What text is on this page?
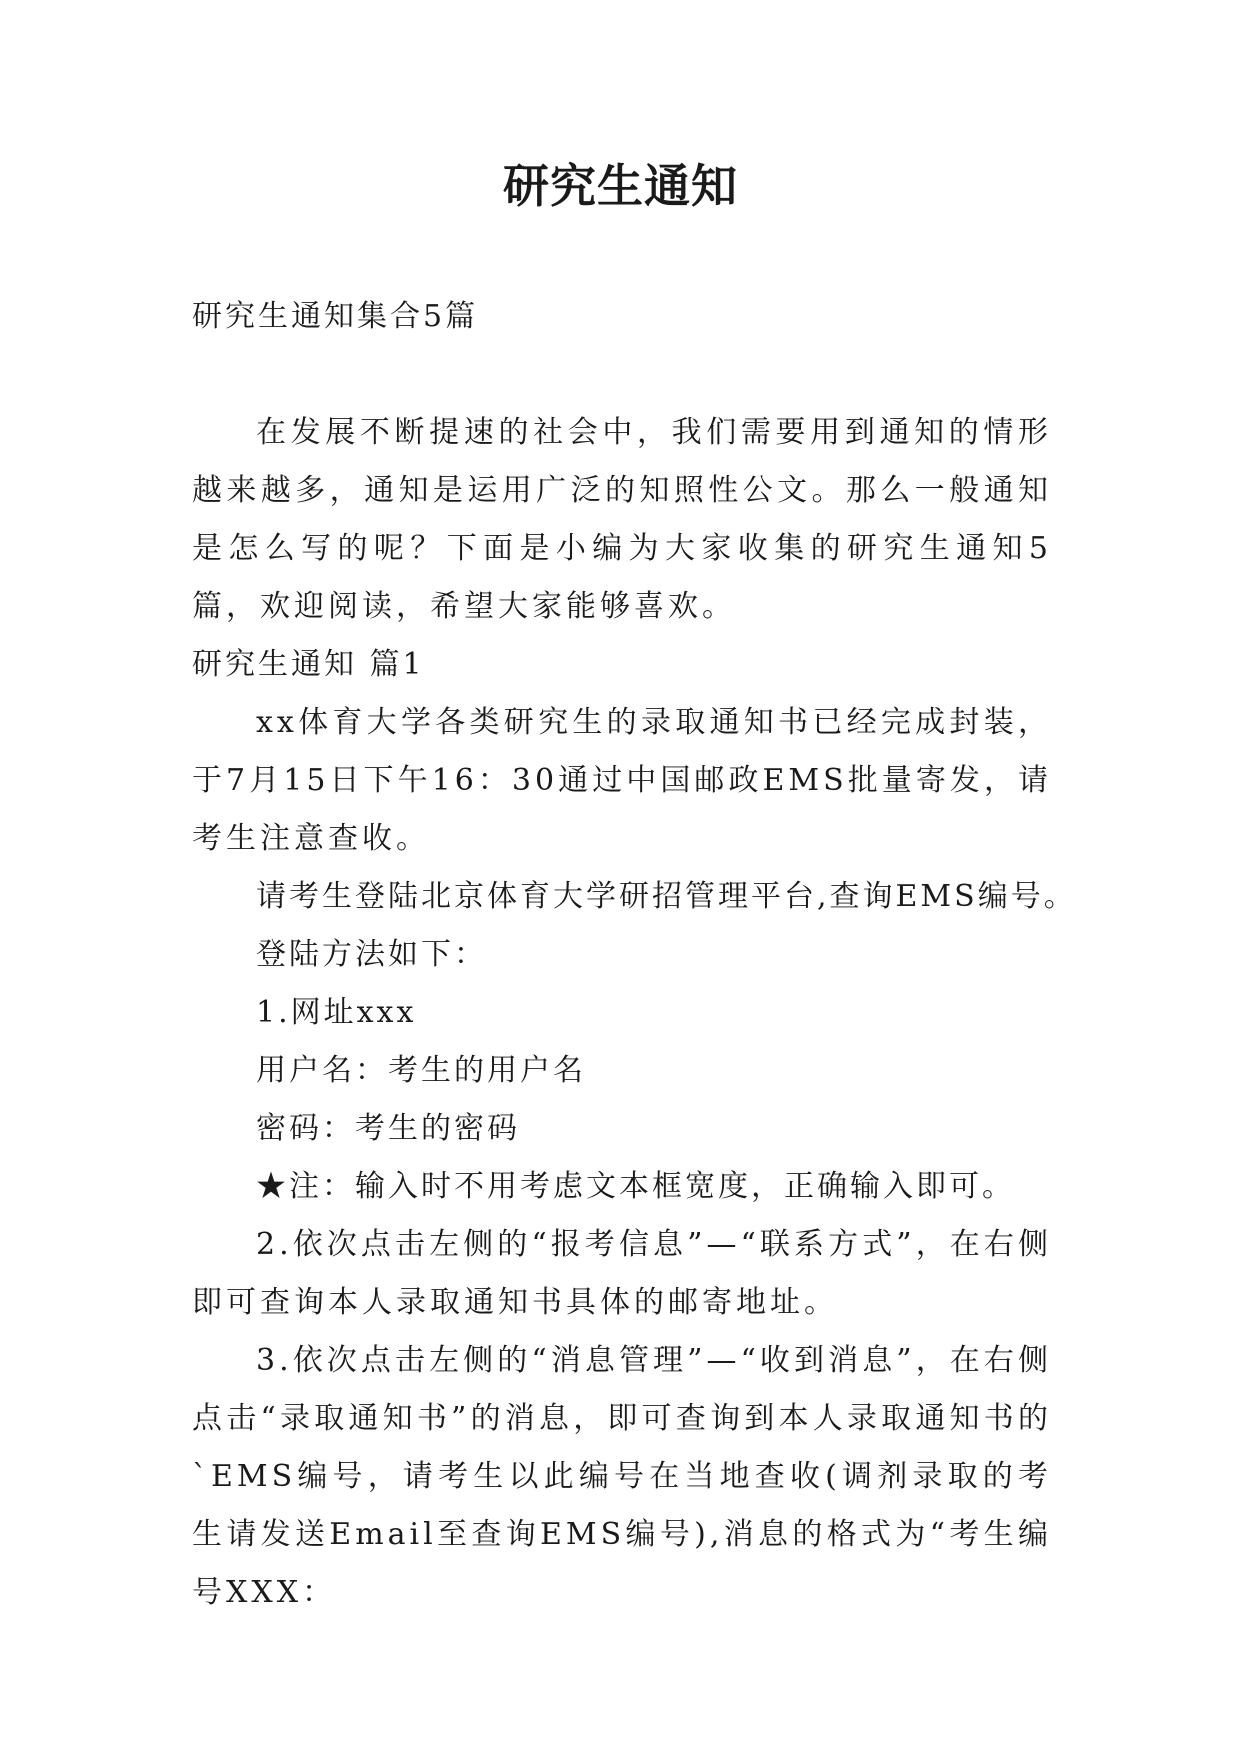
研究生通知

研究生通知集合5篇

在发展不断提速的社会中，我们需要用到通知的情形越来越多，通知是运用广泛的知照性公文。那么一般通知是怎么写的呢？下面是小编为大家收集的研究生通知5篇，欢迎阅读，希望大家能够喜欢。

研究生通知 篇1

xx体育大学各类研究生的录取通知书已经完成封装，于7月15日下午16：30通过中国邮政EMS批量寄发，请考生注意查收。

请考生登陆北京体育大学研招管理平台,查询EMS编号。

登陆方法如下：

1.网址xxx

用户名：考生的用户名

密码：考生的密码

★注：输入时不用考虑文本框宽度，正确输入即可。

2.依次点击左侧的“报考信息”—“联系方式”，在右侧即可查询本人录取通知书具体的邮寄地址。

3.依次点击左侧的“消息管理”—“收到消息”，在右侧点击“录取通知书”的消息，即可查询到本人录取通知书的`EMS编号，请考生以此编号在当地查收(调剂录取的考生请发送Email至查询EMS编号),消息的格式为“考生编号XXX：
